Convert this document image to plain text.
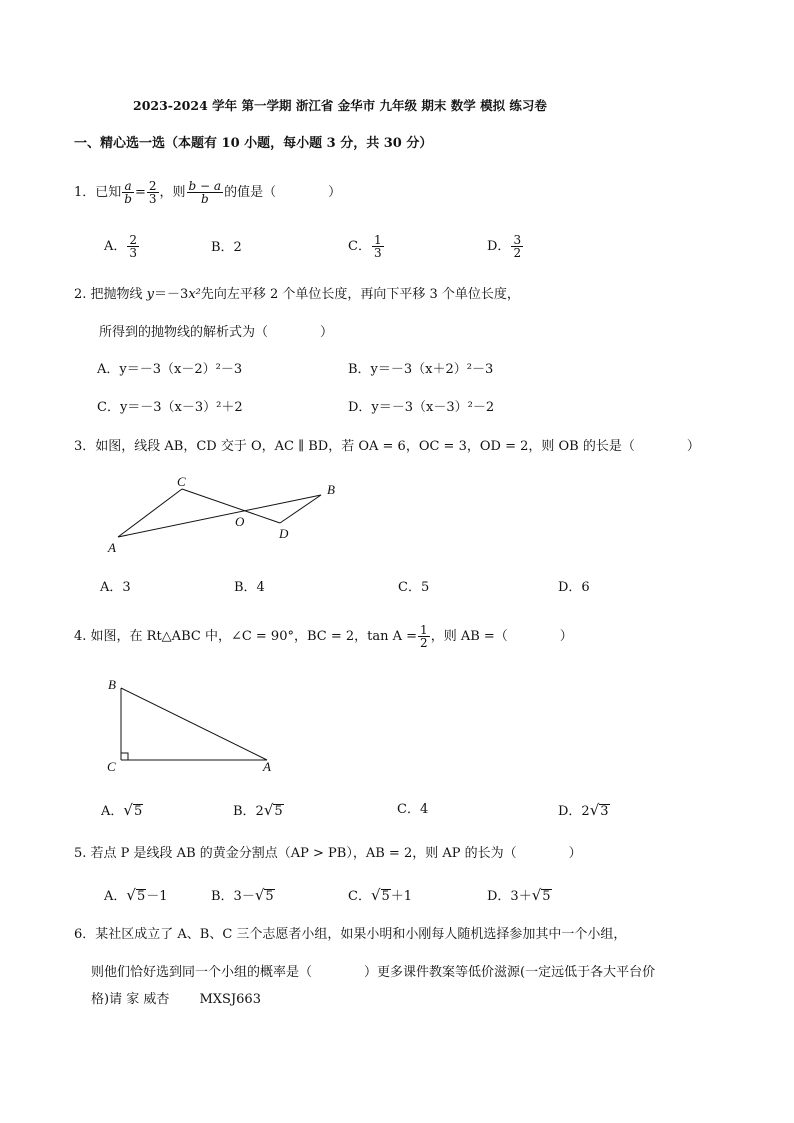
2023-2024 学年 第一学期 浙江省 金华市 九年级 期末 数学 模拟 练习卷
一、精心选一选（本题有 10 小题，每小题 3 分，共 30 分）
1．已知 $\frac{a}{b} = \frac{2}{3}$ ，则 $\frac{b - a}{b}$ 的值是（　　　　）
A． $\frac{2}{3}$	B．2	C． $\frac{1}{3}$	D． $\frac{3}{2}$
2. 把抛物线 y＝－3x²先向左平移 2 个单位长度，再向下平移 3 个单位长度，
所得到的抛物线的解析式为（　　　　）
A．y＝－3（x－2）²－3	B．y＝－3（x＋2）²－3
C．y＝－3（x－3）²＋2	D．y＝－3（x－3）²－2
3．如图，线段 AB，CD 交于 O，AC ∥ BD，若 OA = 6，OC = 3，OD = 2，则 OB 的长是（　　　　）
A
C
B
O
D
A．3	B．4	C．5	D．6
4. 如图，在 Rt△ABC 中，∠C = 90°，BC = 2，$\tan A = \frac{1}{2}$ ，则 AB =（　　　　）
B
C	A
A．√5	B．2√5	C．4	D．2√3
5. 若点 P 是线段 AB 的黄金分割点（AP > PB），AB = 2，则 AP 的长为（　　　　）
A．√5－1	B．3－√5	C．√5＋1	D．3＋√5
6．某社区成立了 A、B、C 三个志愿者小组，如果小明和小刚每人随机选择参加其中一个小组，
则他们恰好选到同一个小组的概率是（　　　　）更多课件教案等低价滋源(一定远低于各大平台价
格)请 家 威杏　　 MXSJ663
